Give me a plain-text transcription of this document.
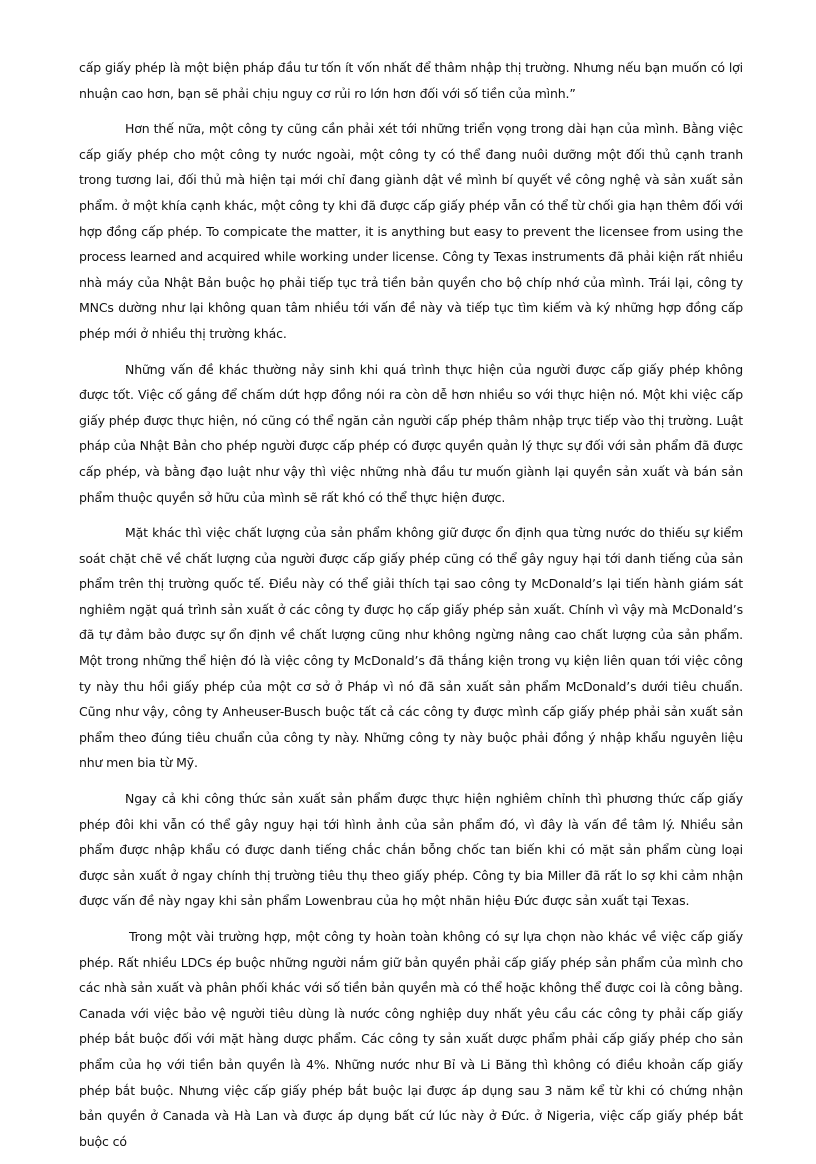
cấp giấy phép là một biện pháp đầu tư tốn ít vốn nhất để thâm nhập thị trường. Nhưng nếu bạn muốn có lợi nhuận cao hơn, bạn sẽ phải chịu nguy cơ rủi ro lớn hơn đối với số tiền của mình.”

Hơn thế nữa, một công ty cũng cần phải xét tới những triển vọng trong dài hạn của mình. Bằng việc cấp giấy phép cho một công ty nước ngoài, một công ty có thể đang nuôi dưỡng một đối thủ cạnh tranh trong tương lai, đối thủ mà hiện tại mới chỉ đang giành dật về mình bí quyết về công nghệ và sản xuất sản phẩm. ở một khía cạnh khác, một công ty khi đã được cấp giấy phép vẫn có thể từ chối gia hạn thêm đối với hợp đồng cấp phép. To compicate the matter, it is anything but easy to prevent the licensee from using the process learned and acquired while working under license. Công ty Texas instruments đã phải kiện rất nhiều nhà máy của Nhật Bản buộc họ phải tiếp tục trả tiền bản quyền cho bộ chíp nhớ của mình. Trái lại, công ty MNCs dường như lại không quan tâm nhiều tới vấn đề này và tiếp tục tìm kiếm và ký những hợp đồng cấp phép mới ở nhiều thị trường khác.

Những vấn đề khác thường nảy sinh khi quá trình thực hiện của người được cấp giấy phép không được tốt. Việc cố gắng để chấm dứt hợp đồng nói ra còn dễ hơn nhiều so với thực hiện nó. Một khi việc cấp giấy phép được thực hiện, nó cũng có thể ngăn cản người cấp phép thâm nhập trực tiếp vào thị trường. Luật pháp của Nhật Bản cho phép người được cấp phép có được quyền quản lý thực sự đối với sản phẩm đã được cấp phép, và bằng đạo luật như vậy thì việc những nhà đầu tư muốn giành lại quyền sản xuất và bán sản phẩm thuộc quyền sở hữu của mình sẽ rất khó có thể thực hiện được.

Mặt khác thì việc chất lượng của sản phẩm không giữ được ổn định qua từng nước do thiếu sự kiểm soát chặt chẽ về chất lượng của người được cấp giấy phép cũng có thể gây nguy hại tới danh tiếng của sản phẩm trên thị trường quốc tế. Điều này có thể giải thích tại sao công ty McDonald’s lại tiến hành giám sát nghiêm ngặt quá trình sản xuất ở các công ty được họ cấp giấy phép sản xuất. Chính vì vậy mà McDonald’s đã tự đảm bảo được sự ổn định về chất lượng cũng như không ngừng nâng cao chất lượng của sản phẩm. Một trong những thể hiện đó là việc công ty McDonald’s đã thắng kiện trong vụ kiện liên quan tới việc công ty này thu hồi giấy phép của một cơ sở ở Pháp vì nó đã sản xuất sản phẩm McDonald’s dưới tiêu chuẩn. Cũng như vậy, công ty Anheuser-Busch buộc tất cả các công ty được mình cấp giấy phép phải sản xuất sản phẩm theo đúng tiêu chuẩn của công ty này. Những công ty này buộc phải đồng ý nhập khẩu nguyên liệu như men bia từ Mỹ.

Ngay cả khi công thức sản xuất sản phẩm được thực hiện nghiêm chỉnh thì phương thức cấp giấy phép đôi khi vẫn có thể gây nguy hại tới hình ảnh của sản phẩm đó, vì đây là vấn đề tâm lý. Nhiều sản phẩm được nhập khẩu có được danh tiếng chắc chắn bỗng chốc tan biến khi có mặt sản phẩm cùng loại được sản xuất ở ngay chính thị trường tiêu thụ theo giấy phép. Công ty bia Miller đã rất lo sợ khi cảm nhận được vấn đề này ngay khi sản phẩm Lowenbrau của họ một nhãn hiệu Đức được sản xuất tại Texas.

Trong một vài trường hợp, một công ty hoàn toàn không có sự lựa chọn nào khác về việc cấp giấy phép. Rất nhiều LDCs ép buộc những người nắm giữ bản quyền phải cấp giấy phép sản phẩm của mình cho các nhà sản xuất và phân phối khác với số tiền bản quyền mà có thể hoặc không thể được coi là công bằng. Canada với việc bảo vệ người tiêu dùng là nước công nghiệp duy nhất yêu cầu các công ty phải cấp giấy phép bắt buộc đối với mặt hàng dược phẩm. Các công ty sản xuất dược phẩm phải cấp giấy phép cho sản phẩm của họ với tiền bản quyền là 4%. Những nước như Bỉ và Li Băng thì không có điều khoản cấp giấy phép bắt buộc. Nhưng việc cấp giấy phép bắt buộc lại được áp dụng sau 3 năm kể từ khi có chứng nhận bản quyền ở Canada và Hà Lan và được áp dụng bất cứ lúc này ở Đức. ở Nigeria, việc cấp giấy phép bắt buộc có
